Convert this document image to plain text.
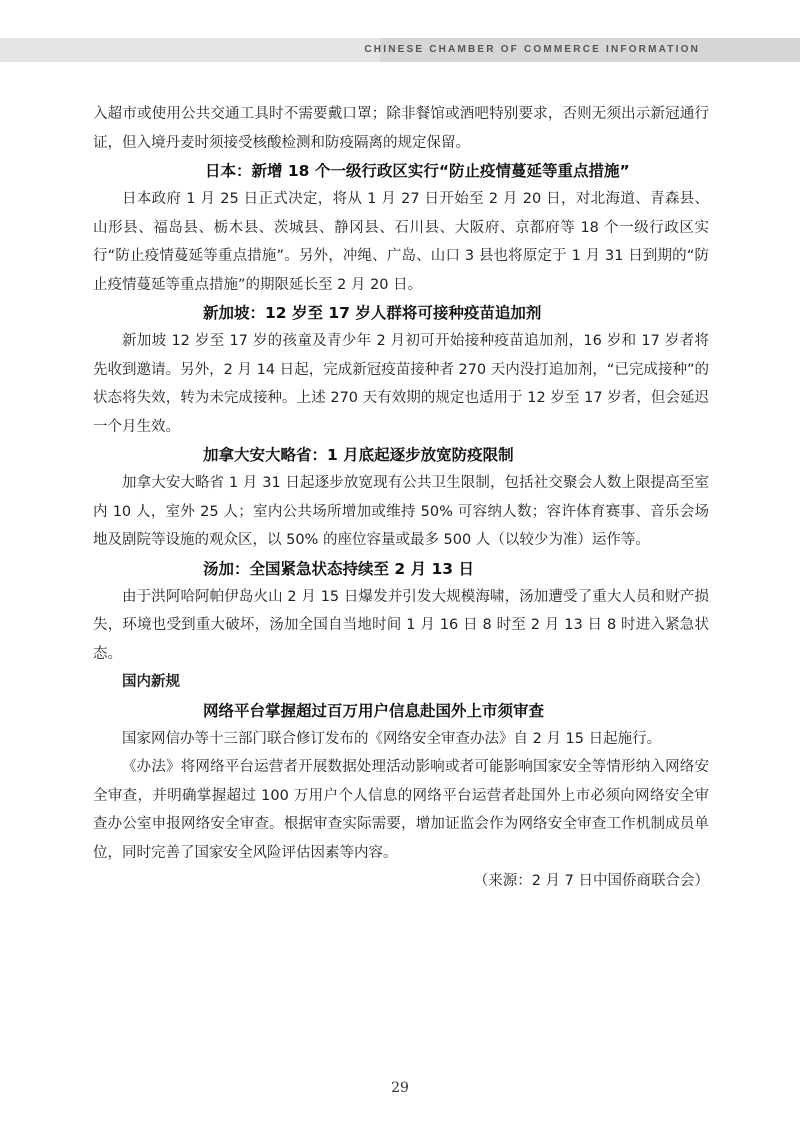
CHINESE CHAMBER OF COMMERCE INFORMATION

入超市或使用公共交通工具时不需要戴口罩；除非餐馆或酒吧特别要求，否则无须出示新冠通行证，但入境丹麦时须接受核酸检测和防疫隔离的规定保留。

日本：新增 18 个一级行政区实行“防止疫情蔓延等重点措施”

日本政府 1 月 25 日正式决定，将从 1 月 27 日开始至 2 月 20 日，对北海道、青森县、山形县、福岛县、栃木县、茨城县、静冈县、石川县、大阪府、京都府等 18 个一级行政区实行“防止疫情蔓延等重点措施”。另外，冲绳、广岛、山口 3 县也将原定于 1 月 31 日到期的“防止疫情蔓延等重点措施”的期限延长至 2 月 20 日。

新加坡：12 岁至 17 岁人群将可接种疫苗追加剂

新加坡 12 岁至 17 岁的孩童及青少年 2 月初可开始接种疫苗追加剂，16 岁和 17 岁者将先收到邀请。另外，2 月 14 日起，完成新冠疫苗接种者 270 天内没打追加剂，“已完成接种”的状态将失效，转为未完成接种。上述 270 天有效期的规定也适用于 12 岁至 17 岁者，但会延迟一个月生效。

加拿大安大略省：1 月底起逐步放宽防疫限制

加拿大安大略省 1 月 31 日起逐步放宽现有公共卫生限制，包括社交聚会人数上限提高至室内 10 人，室外 25 人；室内公共场所增加或维持 50% 可容纳人数；容许体育赛事、音乐会场地及剧院等设施的观众区，以 50% 的座位容量或最多 500 人（以较少为准）运作等。

汤加：全国紧急状态持续至 2 月 13 日

由于洪阿哈阿帕伊岛火山 2 月 15 日爆发并引发大规模海啸，汤加遭受了重大人员和财产损失，环境也受到重大破坏，汤加全国自当地时间 1 月 16 日 8 时至 2 月 13 日 8 时进入紧急状态。

国内新规

网络平台掌握超过百万用户信息赴国外上市须审查

国家网信办等十三部门联合修订发布的《网络安全审查办法》自 2 月 15 日起施行。

《办法》将网络平台运营者开展数据处理活动影响或者可能影响国家安全等情形纳入网络安全审查，并明确掌握超过 100 万用户个人信息的网络平台运营者赴国外上市必须向网络安全审查办公室申报网络安全审查。根据审查实际需要，增加证监会作为网络安全审查工作机制成员单位，同时完善了国家安全风险评估因素等内容。

（来源：2 月 7 日中国侨商联合会）

29
